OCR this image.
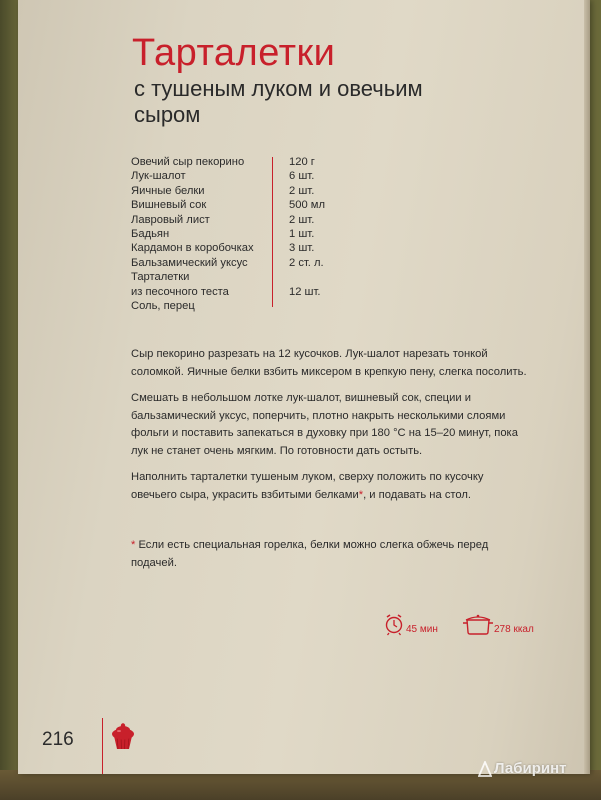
Тарталетки
с тушеным луком и овечьим сыром
Овечий сыр пекорино	120 г
Лук-шалот	6 шт.
Яичные белки	2 шт.
Вишневый сок	500 мл
Лавровый лист	2 шт.
Бадьян	1 шт.
Кардамон в коробочках	3 шт.
Бальзамический уксус	2 ст. л.
Тарталетки
из песочного теста	12 шт.
Соль, перец

Сыр пекорино разрезать на 12 кусочков. Лук-шалот нарезать тонкой соломкой. Яичные белки взбить миксером в крепкую пену, слегка посолить.

Смешать в небольшом лотке лук-шалот, вишневый сок, специи и бальзамический уксус, поперчить, плотно накрыть несколькими слоями фольги и поставить запекаться в духовку при 180 °С на 15–20 минут, пока лук не станет очень мягким. По готовности дать остыть.

Наполнить тарталетки тушеным луком, сверху положить по кусочку овечьего сыра, украсить взбитыми белками*, и подавать на стол.

* Если есть специальная горелка, белки можно слегка обжечь перед подачей.
45 мин	278 ккал
216
Лабиринт
